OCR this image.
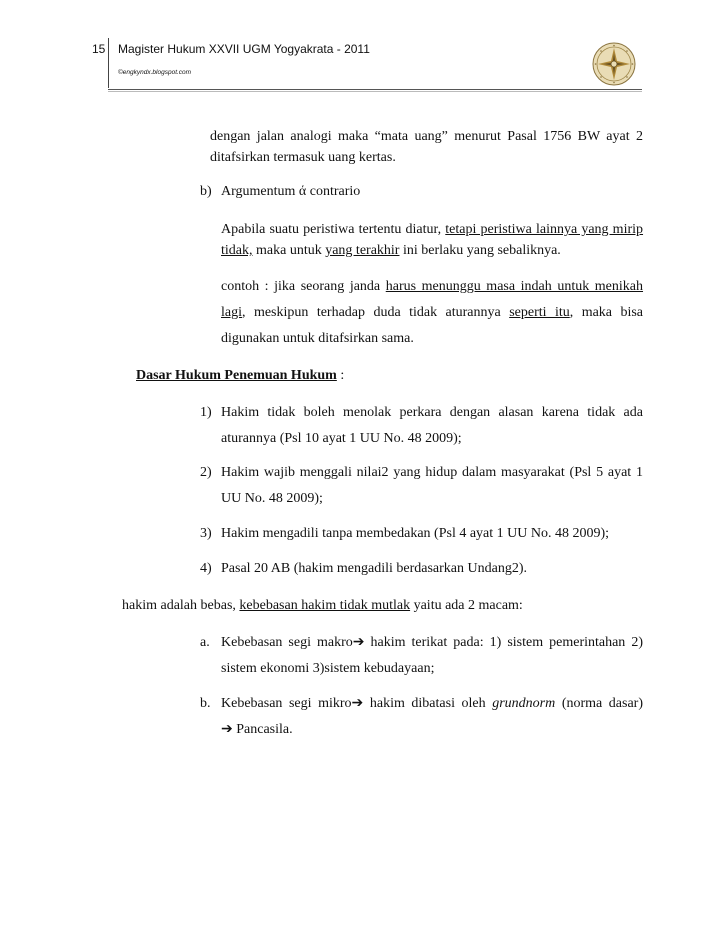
15 Magister Hukum XXVII UGM Yogyakrata - 2011
©engkyndx.blogspot.com
dengan jalan analogi maka “mata uang” menurut Pasal 1756 BW ayat 2
ditafsirkan termasuk uang kertas.
b) Argumentum ά contrario
Apabila suatu peristiwa tertentu diatur, tetapi peristiwa lainnya yang mirip
tidak, maka untuk yang terakhir ini berlaku yang sebaliknya.
contoh : jika seorang janda harus menunggu masa indah untuk menikah
lagi, meskipun terhadap duda tidak aturannya seperti itu, maka bisa
digunakan untuk ditafsirkan sama.
Dasar Hukum Penemuan Hukum :
1) Hakim tidak boleh menolak perkara dengan alasan karena tidak ada
aturannya (Psl 10 ayat 1 UU No. 48 2009);
2) Hakim wajib menggali nilai2 yang hidup dalam masyarakat (Psl 5 ayat 1
UU No. 48 2009);
3) Hakim mengadili tanpa membedakan (Psl 4 ayat 1 UU No. 48 2009);
4) Pasal 20 AB (hakim mengadili berdasarkan Undang2).
hakim adalah bebas, kebebasan hakim tidak mutlak yaitu ada 2 macam:
a. Kebebasan segi makro➔ hakim terikat pada: 1) sistem pemerintahan 2)
sistem ekonomi 3)sistem kebudayaan;
b. Kebebasan segi mikro➔ hakim dibatasi oleh grundnorm (norma dasar)
➔ Pancasila.
